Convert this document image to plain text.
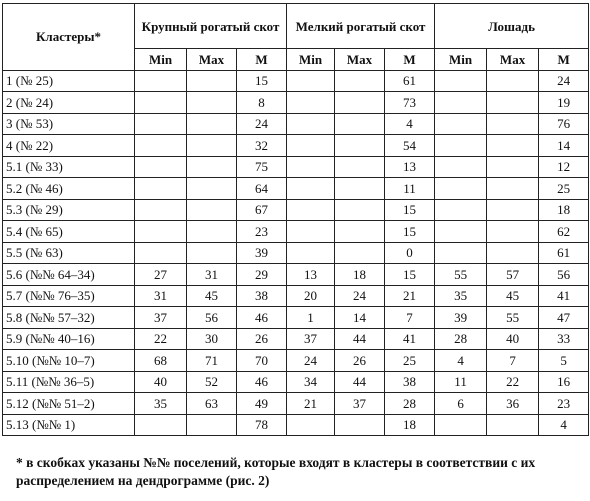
Кластеры*	Крупный рогатый скот			Мелкий рогатый скот			Лошадь		
	Min	Max	M	Min	Max	M	Min	Max	M
1 (№ 25)			15			61			24
2 (№ 24)			8			73			19
3 (№ 53)			24			4			76
4 (№ 22)			32			54			14
5.1 (№ 33)			75			13			12
5.2 (№ 46)			64			11			25
5.3 (№ 29)			67			15			18
5.4 (№ 65)			23			15			62
5.5 (№ 63)			39			0			61
5.6 (№№ 64–34)	27	31	29	13	18	15	55	57	56
5.7 (№№ 76–35)	31	45	38	20	24	21	35	45	41
5.8 (№№ 57–32)	37	56	46	1	14	7	39	55	47
5.9 (№№ 40–16)	22	30	26	37	44	41	28	40	33
5.10 (№№ 10–7)	68	71	70	24	26	25	4	7	5
5.11 (№№ 36–5)	40	52	46	34	44	38	11	22	16
5.12 (№№ 51–2)	35	63	49	21	37	28	6	36	23
5.13 (№№ 1)			78			18			4
* в скобках указаны №№ поселений, которые входят в кластеры в соответствии с их распределением на дендрограмме (рис. 2)
